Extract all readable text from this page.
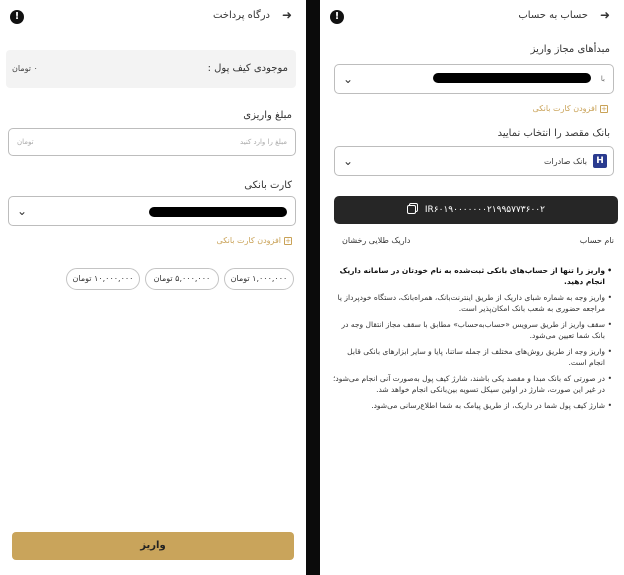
➜
درگاه پرداخت
!
موجودی کیف پول :
۰ تومان
مبلغ واریزی
مبلغ را وارد کنید
تومان
کارت بانکی
⌄
+افزودن کارت بانکی
۱,۰۰۰,۰۰۰ تومان
۵,۰۰۰,۰۰۰ تومان
۱۰,۰۰۰,۰۰۰ تومان
واریز
➜
حساب به حساب
!
مبدأهای مجاز واریز
⌄	با
+افزودن کارت بانکی
بانک مقصد را انتخاب نمایید
⌄	H
بانک صادرات
IR۶۰۱۹۰۰۰۰۰۰۰۲۱۹۹۵۷۷۳۶۰۰۲
نام حساب
داریک طلایی رخشان
• واریز را تنها از حساب‌های بانکی ثبت‌شده به نام خودتان در سامانه داریک انجام دهید.
• واریز وجه به شماره شبای داریک از طریق اینترنت‌بانک، همراه‌بانک، دستگاه خودپرداز یا مراجعه حضوری به شعب بانک امکان‌پذیر است.
• سقف واریز از طریق سرویس «حساب‌به‌حساب» مطابق با سقف مجاز انتقال وجه در بانک شما تعیین می‌شود.
• واریز وجه از طریق روش‌های مختلف از جمله ساتنا، پایا و سایر ابزارهای بانکی قابل انجام است.
• در صورتی که بانک مبدا و مقصد یکی باشند، شارژ کیف پول به‌صورت آنی انجام می‌شود؛ در غیر این صورت، شارژ در اولین سیکل تسویه بین‌بانکی انجام خواهد شد.
• شارژ کیف پول شما در داریک، از طریق پیامک به شما اطلاع‌رسانی می‌شود.
